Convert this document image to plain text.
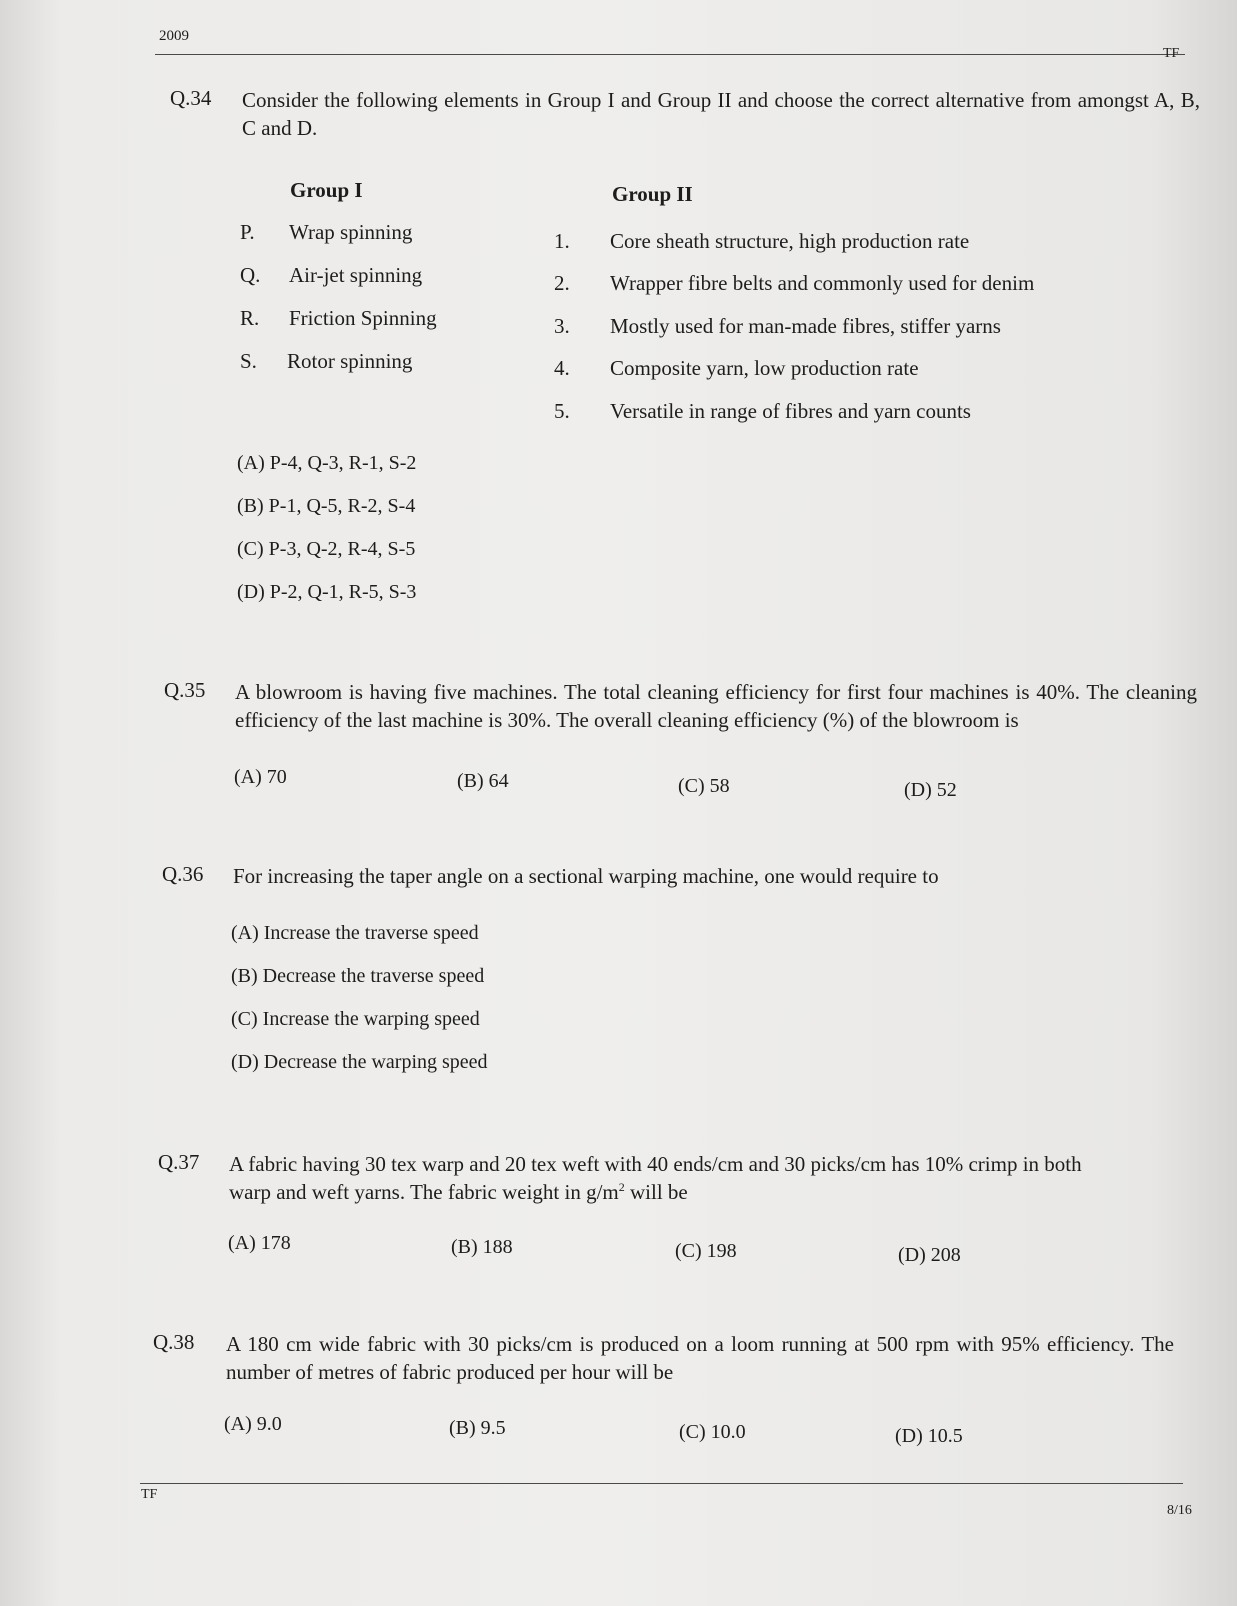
2009
TF
Q.34 Consider the following elements in Group I and Group II and choose the correct alternative from amongst A, B, C and D.
Group I	Group II
P. Wrap spinning
Q. Air-jet spinning
R. Friction Spinning
S. Rotor spinning
1. Core sheath structure, high production rate
2. Wrapper fibre belts and commonly used for denim
3. Mostly used for man-made fibres, stiffer yarns
4. Composite yarn, low production rate
5. Versatile in range of fibres and yarn counts
(A) P-4, Q-3, R-1, S-2
(B) P-1, Q-5, R-2, S-4
(C) P-3, Q-2, R-4, S-5
(D) P-2, Q-1, R-5, S-3
Q.35 A blowroom is having five machines. The total cleaning efficiency for first four machines is 40%. The cleaning efficiency of the last machine is 30%. The overall cleaning efficiency (%) of the blowroom is
(A) 70	(B) 64	(C) 58	(D) 52
Q.36 For increasing the taper angle on a sectional warping machine, one would require to
(A) Increase the traverse speed
(B) Decrease the traverse speed
(C) Increase the warping speed
(D) Decrease the warping speed
Q.37 A fabric having 30 tex warp and 20 tex weft with 40 ends/cm and 30 picks/cm has 10% crimp in both
warp and weft yarns. The fabric weight in $g/m^2$ will be
(A) 178	(B) 188	(C) 198	(D) 208
Q.38 A 180 cm wide fabric with 30 picks/cm is produced on a loom running at 500 rpm with 95% efficiency. The number of metres of fabric produced per hour will be
(A) 9.0	(B) 9.5	(C) 10.0	(D) 10.5
TF
8/16
